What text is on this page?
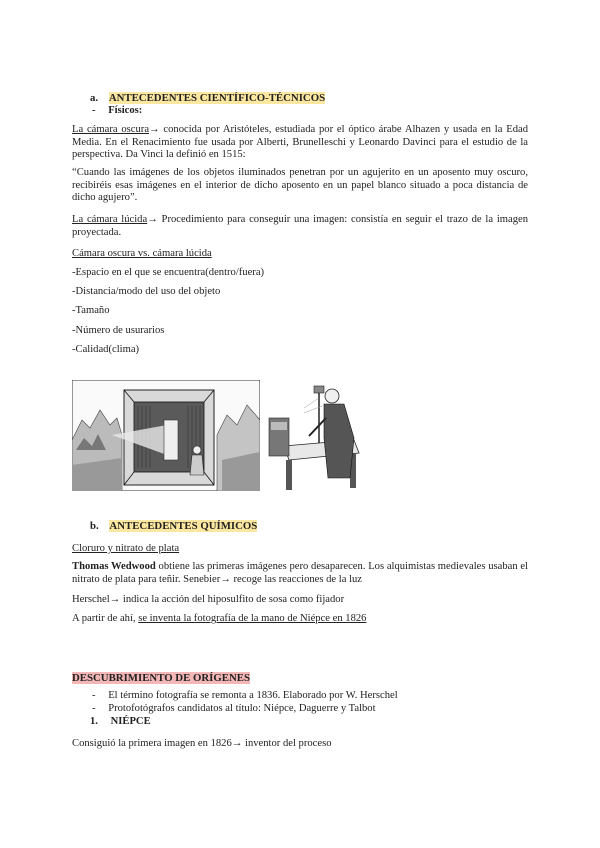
a. ANTECEDENTES CIENTÍFICO-TÉCNICOS
- Físicos:
La cámara oscura→ conocida por Aristóteles, estudiada por el óptico árabe Alhazen y usada en la Edad Media. En el Renacimiento fue usada por Alberti, Brunelleschi y Leonardo Davinci para el estudio de la perspectiva. Da Vinci la definió en 1515:
“Cuando las imágenes de los objetos iluminados penetran por un agujerito en un aposento muy oscuro, recibiréis esas imágenes en el interior de dicho aposento en un papel blanco situado a poca distancia de dicho agujero”.
La cámara lúcida→ Procedimiento para conseguir una imagen: consistía en seguir el trazo de la imagen proyectada.
Cámara oscura vs. cámara lúcida
-Espacio en el que se encuentra(dentro/fuera)
-Distancia/modo del uso del objeto
-Tamaño
-Número de usurarios
-Calidad(clima)
b. ANTECEDENTES QUÍMICOS
Cloruro y nitrato de plata
Thomas Wedwood obtiene las primeras imágenes pero desaparecen. Los alquimistas medievales usaban el nitrato de plata para teñir. Senebier→ recoge las reacciones de la luz
Herschel→ indica la acción del hiposulfito de sosa como fijador
A partir de ahí, se inventa la fotografía de la mano de Niépce en 1826
DESCUBRIMIENTO DE ORÍGENES
- El término fotografía se remonta a 1836. Elaborado por W. Herschel
- Protofotógrafos candidatos al título: Niépce, Daguerre y Talbot
1. NIÉPCE
Consiguió la primera imagen en 1826→ inventor del proceso
